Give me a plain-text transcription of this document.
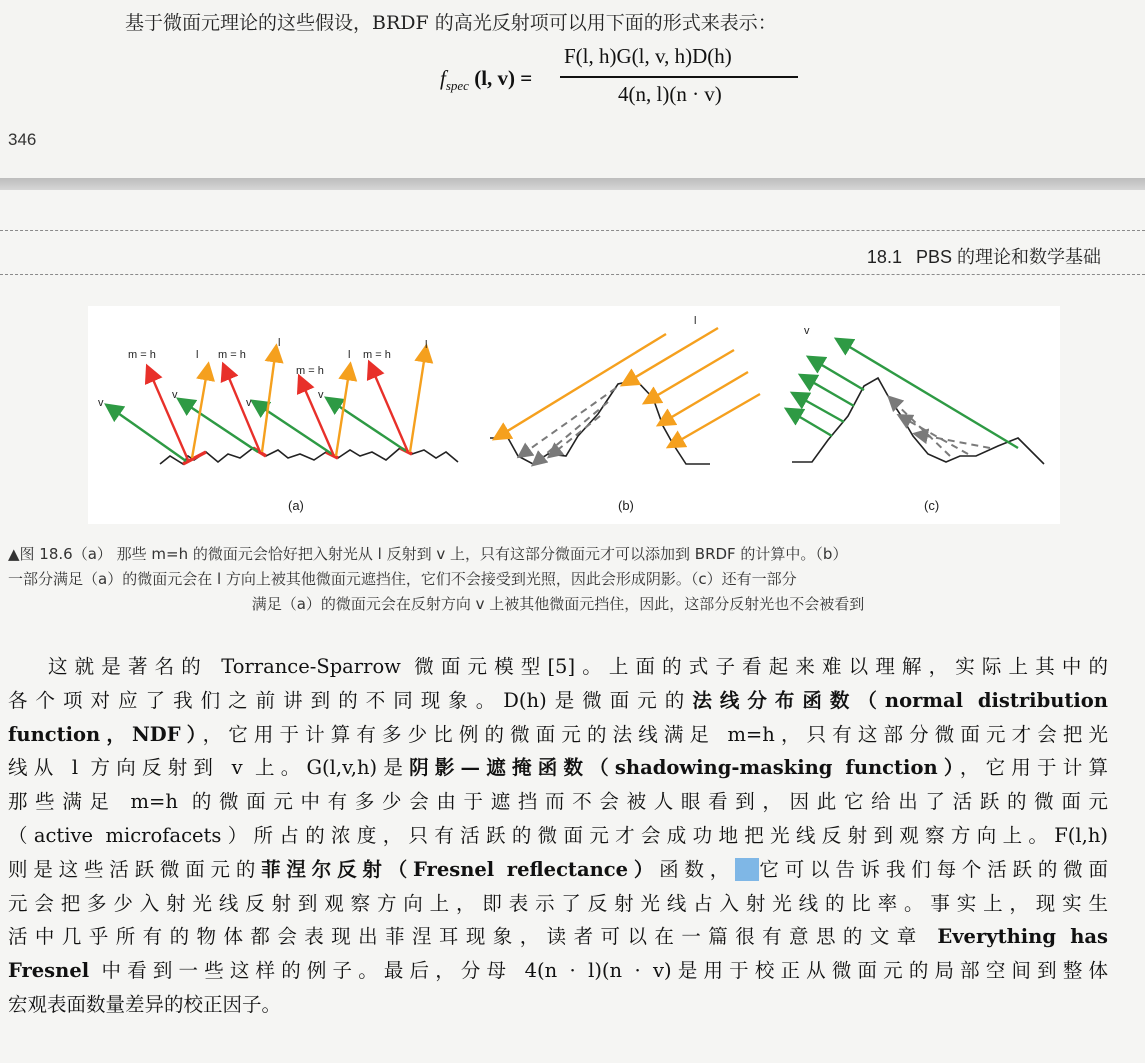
基于微面元理论的这些假设，BRDF 的高光反射项可以用下面的形式来表示：
$f_{spec}$ (l, v) =
F(l, h)G(l, v, h)D(h)
4(n, l)(n · v)
346
18.1 PBS 的理论和数学基础
m = h	l m = h
l
m = h
l m = h
l
v
v
v
v
(a)
l
(b)
v
(c)
▲图 18.6（a） 那些 m=h 的微面元会恰好把入射光从 l 反射到 v 上，只有这部分微面元才可以添加到 BRDF 的计算中。（b）
一部分满足（a）的微面元会在 l 方向上被其他微面元遮挡住，它们不会接受到光照，因此会形成阴影。（c）还有一部分
满足（a）的微面元会在反射方向 v 上被其他微面元挡住，因此，这部分反射光也不会被看到
这就是著名的 Torrance-Sparrow 微面元模型[5]。上面的式子看起来难以理解，实际上其中的
各个项对应了我们之前讲到的不同现象。D(h)是微面元的法线分布函数（normal distribution
function，NDF），它用于计算有多少比例的微面元的法线满足 m=h，只有这部分微面元才会把光
线从 l 方向反射到 v 上。G(l,v,h)是阴影—遮掩函数（shadowing-masking function），它用于计算
那些满足 m=h 的微面元中有多少会由于遮挡而不会被人眼看到，因此它给出了活跃的微面元
（active microfacets）所占的浓度，只有活跃的微面元才会成功地把光线反射到观察方向上。F(l,h)
则是这些活跃微面元的菲涅尔反射（Fresnel reflectance）函数，□它可以告诉我们每个活跃的微面
元会把多少入射光线反射到观察方向上，即表示了反射光线占入射光线的比率。事实上，现实生
活中几乎所有的物体都会表现出菲涅耳现象，读者可以在一篇很有意思的文章 Everything has
Fresnel 中看到一些这样的例子。最后，分母 4(n · l)(n · v)是用于校正从微面元的局部空间到整体
宏观表面数量差异的校正因子。
